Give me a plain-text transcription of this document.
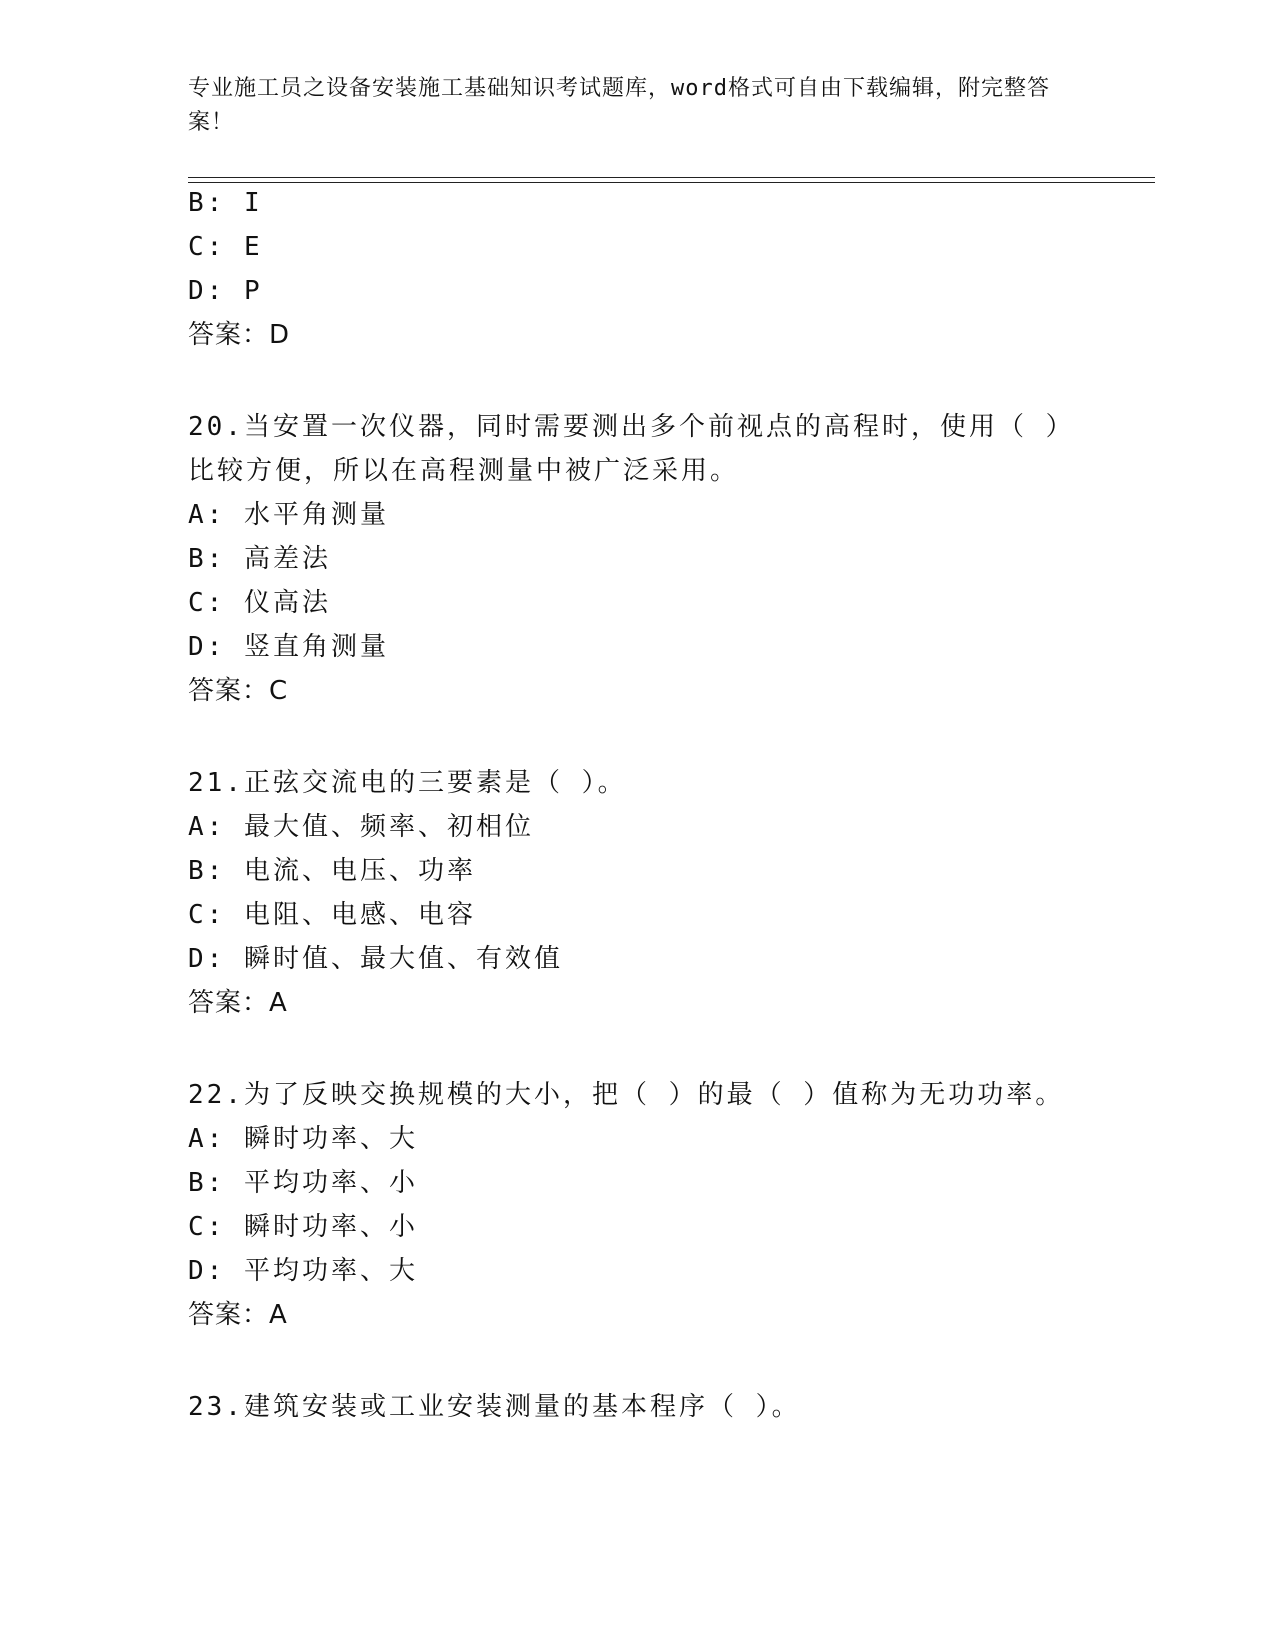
专业施工员之设备安装施工基础知识考试题库，word格式可自由下载编辑，附完整答案！
B: I
C: E
D: P
答案：D
20.当安置一次仪器，同时需要测出多个前视点的高程时，使用（ ）
比较方便，所以在高程测量中被广泛采用。
A: 水平角测量
B: 高差法
C: 仪高法
D: 竖直角测量
答案：C
21.正弦交流电的三要素是（ ）。
A: 最大值、频率、初相位
B: 电流、电压、功率
C: 电阻、电感、电容
D: 瞬时值、最大值、有效值
答案：A
22.为了反映交换规模的大小，把（ ）的最（ ）值称为无功功率。
A: 瞬时功率、大
B: 平均功率、小
C: 瞬时功率、小
D: 平均功率、大
答案：A
23.建筑安装或工业安装测量的基本程序（ ）。
